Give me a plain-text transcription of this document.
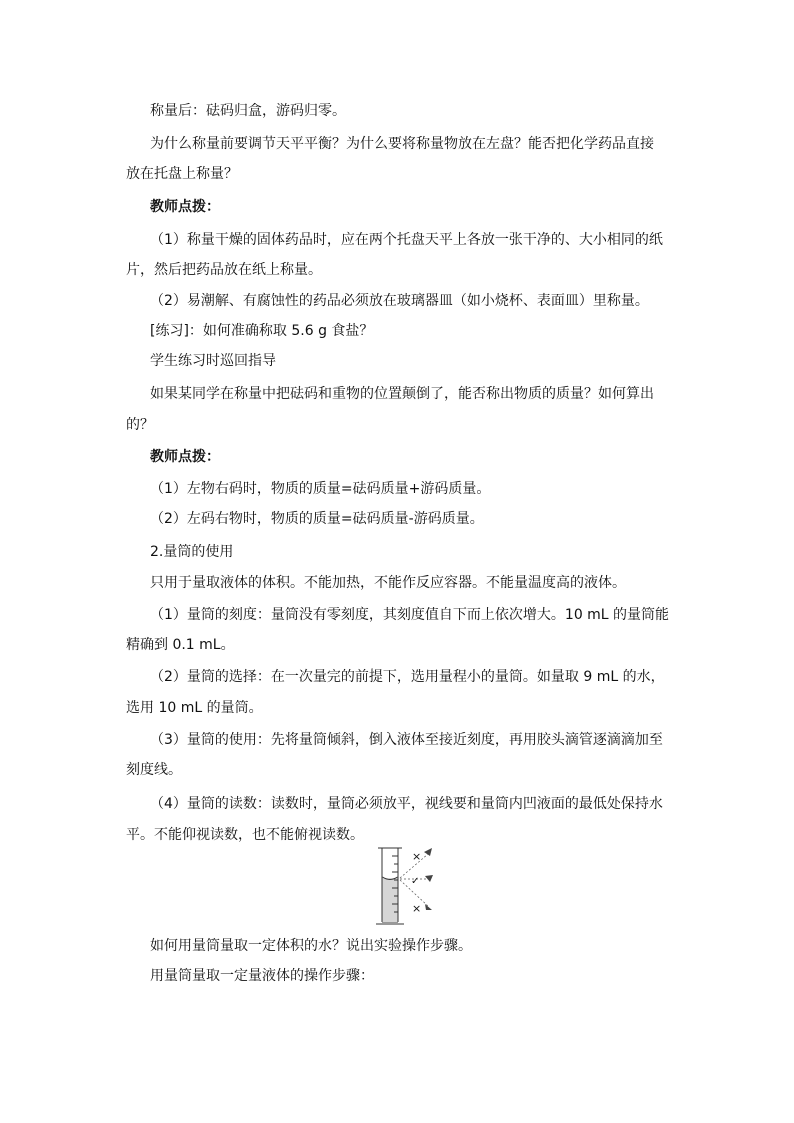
称量后：砝码归盒，游码归零。
为什么称量前要调节天平平衡？为什么要将称量物放在左盘？能否把化学药品直接
放在托盘上称量？
教师点拨：
（1）称量干燥的固体药品时，应在两个托盘天平上各放一张干净的、大小相同的纸
片，然后把药品放在纸上称量。
（2）易潮解、有腐蚀性的药品必须放在玻璃器皿（如小烧杯、表面皿）里称量。
[练习]：如何准确称取 5.6 g 食盐？
学生练习时巡回指导
如果某同学在称量中把砝码和重物的位置颠倒了，能否称出物质的质量？如何算出
的？
教师点拨：
（1）左物右码时，物质的质量=砝码质量+游码质量。
（2）左码右物时，物质的质量=砝码质量-游码质量。
2.量筒的使用
只用于量取液体的体积。不能加热，不能作反应容器。不能量温度高的液体。
（1）量筒的刻度：量筒没有零刻度，其刻度值自下而上依次增大。10 mL 的量筒能
精确到 0.1 mL。
（2）量筒的选择：在一次量完的前提下，选用量程小的量筒。如量取 9 mL 的水，
选用 10 mL 的量筒。
（3）量筒的使用：先将量筒倾斜，倒入液体至接近刻度，再用胶头滴管逐滴滴加至
刻度线。
（4）量筒的读数：读数时，量筒必须放平，视线要和量筒内凹液面的最低处保持水
平。不能仰视读数，也不能俯视读数。
×
✓
×
如何用量筒量取一定体积的水？说出实验操作步骤。
用量筒量取一定量液体的操作步骤：
